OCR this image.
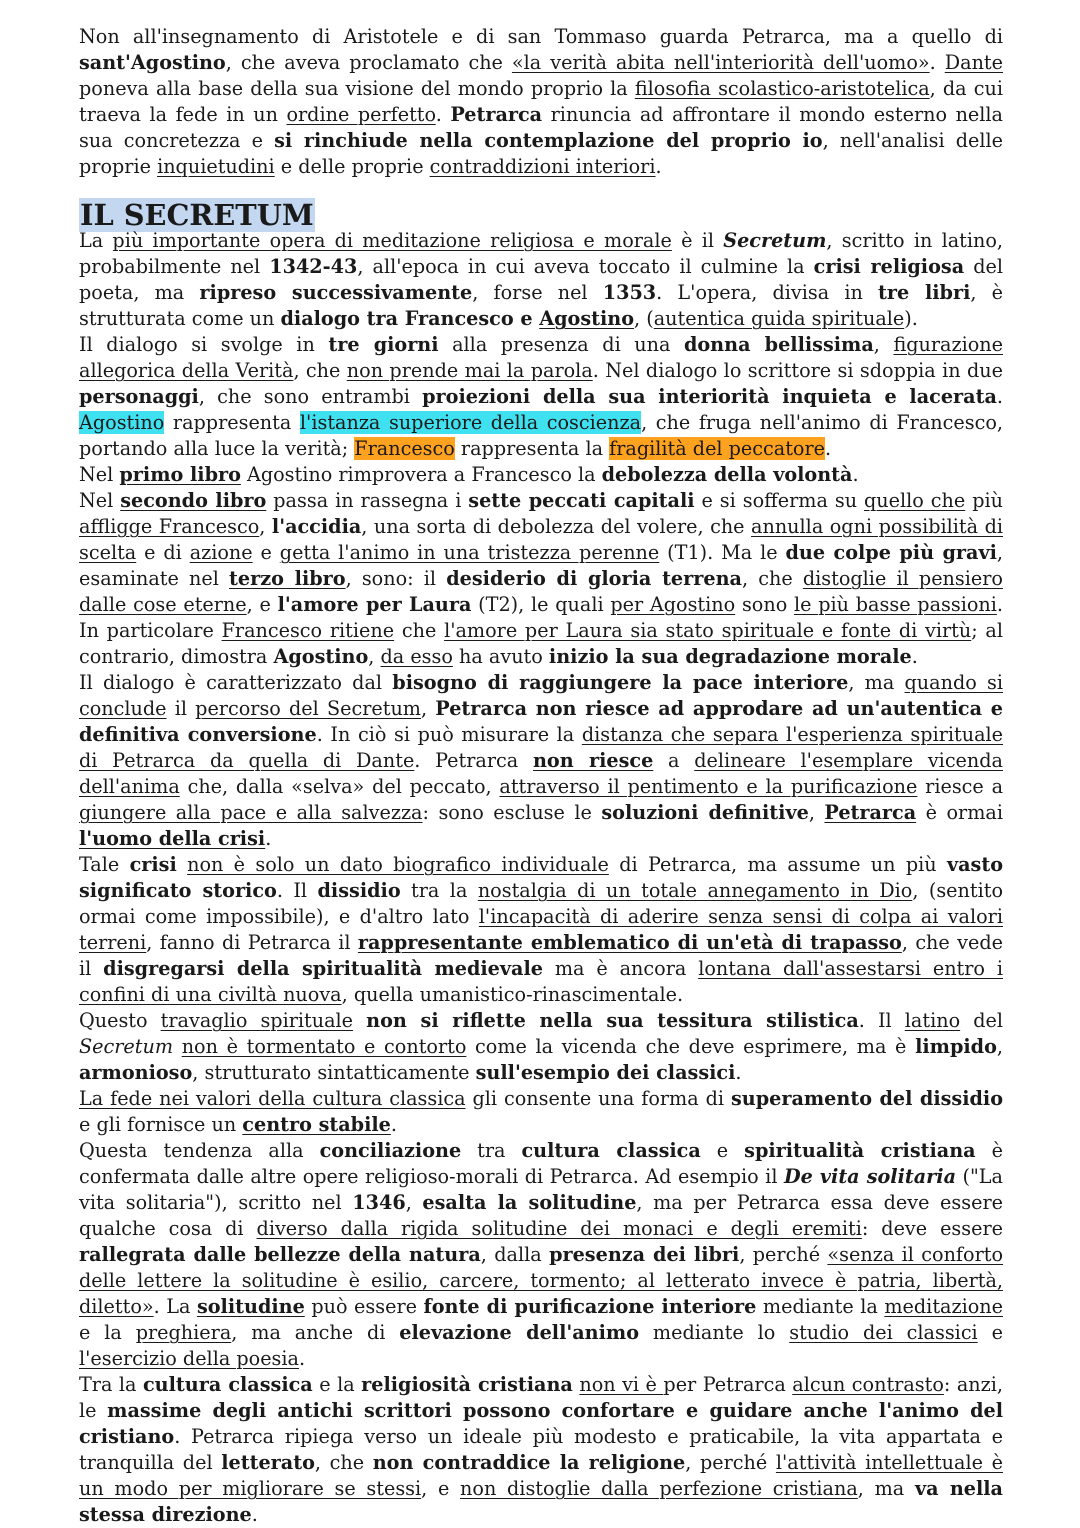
Non all'insegnamento di Aristotele e di san Tommaso guarda Petrarca, ma a quello di sant'Agostino, che aveva proclamato che «la verità abita nell'interiorità dell'uomo». Dante poneva alla base della sua visione del mondo proprio la filosofia scolastico-aristotelica, da cui traeva la fede in un ordine perfetto. Petrarca rinuncia ad affrontare il mondo esterno nella sua concretezza e si rinchiude nella contemplazione del proprio io, nell'analisi delle proprie inquietudini e delle proprie contraddizioni interiori.

IL SECRETUM

La più importante opera di meditazione religiosa e morale è il Secretum, scritto in latino, probabilmente nel 1342-43, all'epoca in cui aveva toccato il culmine la crisi religiosa del poeta, ma ripreso successivamente, forse nel 1353. L'opera, divisa in tre libri, è strutturata come un dialogo tra Francesco e Agostino, (autentica guida spirituale).

Il dialogo si svolge in tre giorni alla presenza di una donna bellissima, figurazione allegorica della Verità, che non prende mai la parola. Nel dialogo lo scrittore si sdoppia in due personaggi, che sono entrambi proiezioni della sua interiorità inquieta e lacerata. Agostino rappresenta l'istanza superiore della coscienza, che fruga nell'animo di Francesco, portando alla luce la verità; Francesco rappresenta la fragilità del peccatore.

Nel primo libro Agostino rimprovera a Francesco la debolezza della volontà.

Nel secondo libro passa in rassegna i sette peccati capitali e si sofferma su quello che più affligge Francesco, l'accidia, una sorta di debolezza del volere, che annulla ogni possibilità di scelta e di azione e getta l'animo in una tristezza perenne (T1). Ma le due colpe più gravi, esaminate nel terzo libro, sono: il desiderio di gloria terrena, che distoglie il pensiero dalle cose eterne, e l'amore per Laura (T2), le quali per Agostino sono le più basse passioni. In particolare Francesco ritiene che l'amore per Laura sia stato spirituale e fonte di virtù; al contrario, dimostra Agostino, da esso ha avuto inizio la sua degradazione morale.

Il dialogo è caratterizzato dal bisogno di raggiungere la pace interiore, ma quando si conclude il percorso del Secretum, Petrarca non riesce ad approdare ad un'autentica e definitiva conversione. In ciò si può misurare la distanza che separa l'esperienza spirituale di Petrarca da quella di Dante. Petrarca non riesce a delineare l'esemplare vicenda dell'anima che, dalla «selva» del peccato, attraverso il pentimento e la purificazione riesce a giungere alla pace e alla salvezza: sono escluse le soluzioni definitive, Petrarca è ormai l'uomo della crisi.

Tale crisi non è solo un dato biografico individuale di Petrarca, ma assume un più vasto significato storico. Il dissidio tra la nostalgia di un totale annegamento in Dio, (sentito ormai come impossibile), e d'altro lato l'incapacità di aderire senza sensi di colpa ai valori terreni, fanno di Petrarca il rappresentante emblematico di un'età di trapasso, che vede il disgregarsi della spiritualità medievale ma è ancora lontana dall'assestarsi entro i confini di una civiltà nuova, quella umanistico-rinascimentale.

Questo travaglio spirituale non si riflette nella sua tessitura stilistica. Il latino del Secretum non è tormentato e contorto come la vicenda che deve esprimere, ma è limpido, armonioso, strutturato sintatticamente sull'esempio dei classici.

La fede nei valori della cultura classica gli consente una forma di superamento del dissidio e gli fornisce un centro stabile.

Questa tendenza alla conciliazione tra cultura classica e spiritualità cristiana è confermata dalle altre opere religioso-morali di Petrarca. Ad esempio il De vita solitaria ("La vita solitaria"), scritto nel 1346, esalta la solitudine, ma per Petrarca essa deve essere qualche cosa di diverso dalla rigida solitudine dei monaci e degli eremiti: deve essere rallegrata dalle bellezze della natura, dalla presenza dei libri, perché «senza il conforto delle lettere la solitudine è esilio, carcere, tormento; al letterato invece è patria, libertà, diletto». La solitudine può essere fonte di purificazione interiore mediante la meditazione e la preghiera, ma anche di elevazione dell'animo mediante lo studio dei classici e l'esercizio della poesia.

Tra la cultura classica e la religiosità cristiana non vi è per Petrarca alcun contrasto: anzi, le massime degli antichi scrittori possono confortare e guidare anche l'animo del cristiano. Petrarca ripiega verso un ideale più modesto e praticabile, la vita appartata e tranquilla del letterato, che non contraddice la religione, perché l'attività intellettuale è un modo per migliorare se stessi, e non distoglie dalla perfezione cristiana, ma va nella stessa direzione.
